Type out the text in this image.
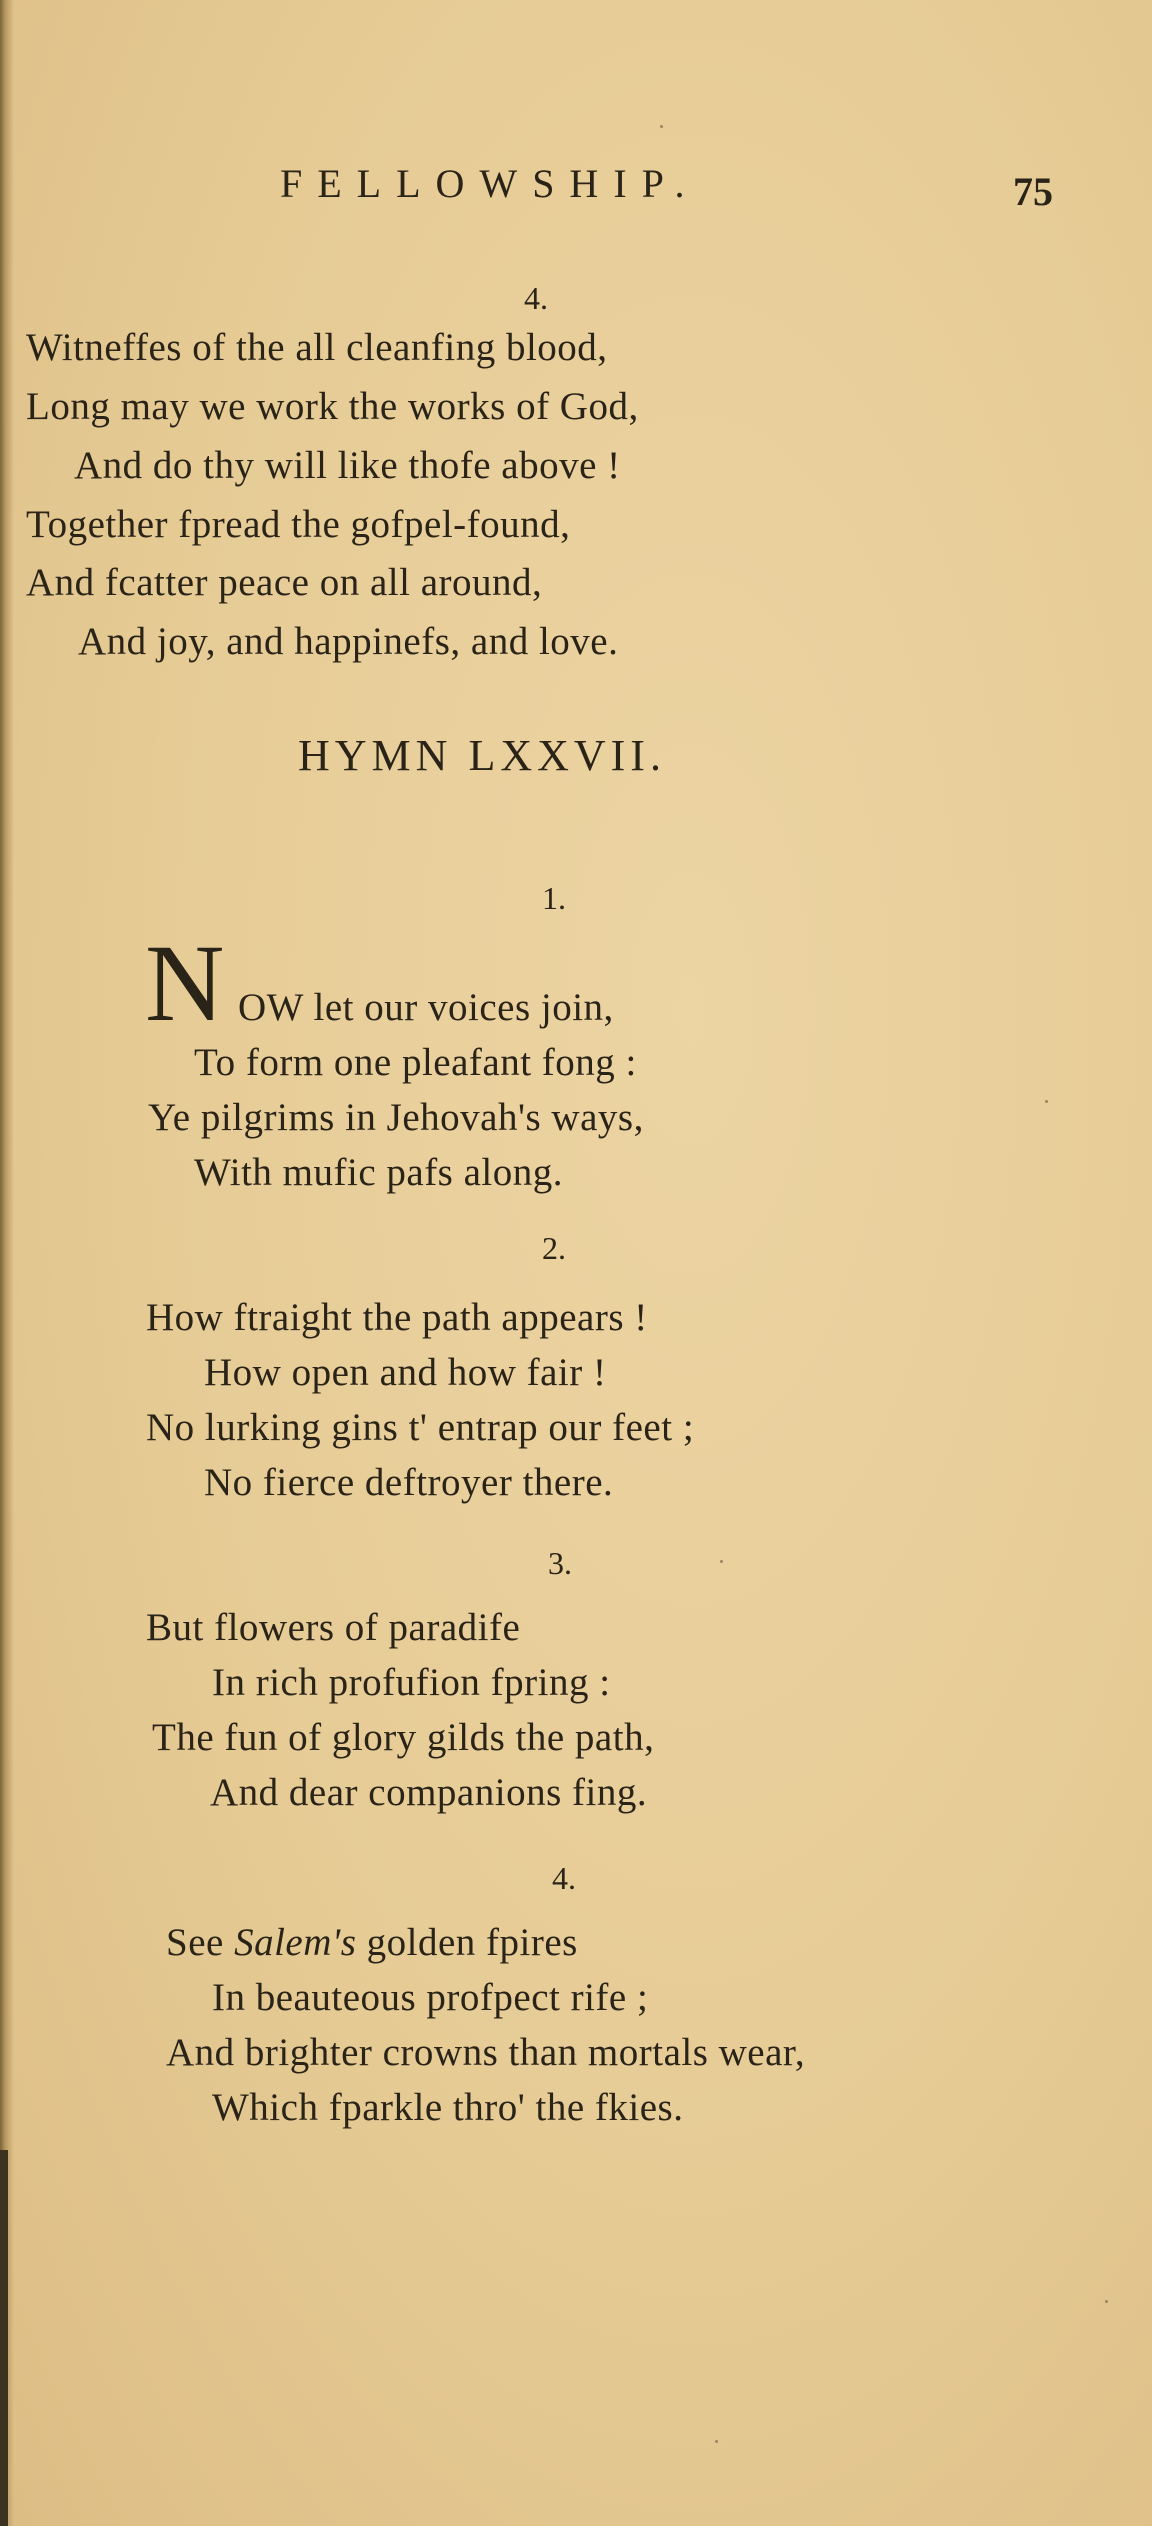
FELLOWSHIP.	75
4.
Witneffes of the all cleanfing blood,
Long may we work the works of God,
And do thy will like thofe above !
Together fpread the gofpel-found,
And fcatter peace on all around,
And joy, and happinefs, and love.
HYMN LXXVII.
1.
N OW let our voices join,
To form one pleafant fong :
Ye pilgrims in Jehovah's ways,
With mufic pafs along.
2.
How ftraight the path appears !
How open and how fair !
No lurking gins t' entrap our feet ;
No fierce deftroyer there.
3.
But flowers of paradife
In rich profufion fpring :
The fun of glory gilds the path,
And dear companions fing.
4.
See Salem's golden fpires
In beauteous profpect rife ;
And brighter crowns than mortals wear,
Which fparkle thro' the fkies.
